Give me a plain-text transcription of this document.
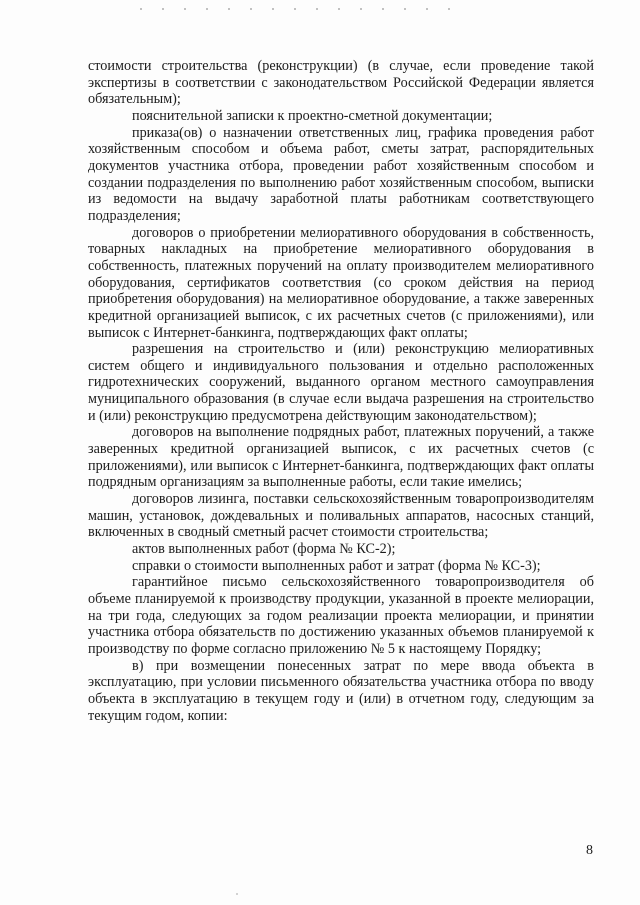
стоимости строительства (реконструкции) (в случае, если проведение такой экспертизы в соответствии с законодательством Российской Федерации является обязательным);

пояснительной записки к проектно-сметной документации;

приказа(ов) о назначении ответственных лиц, графика проведения работ хозяйственным способом и объема работ, сметы затрат, распорядительных документов участника отбора, проведении работ хозяйственным способом и создании подразделения по выполнению работ хозяйственным способом, выписки из ведомости на выдачу заработной платы работникам соответствующего подразделения;

договоров о приобретении мелиоративного оборудования в собственность, товарных накладных на приобретение мелиоративного оборудования в собственность, платежных поручений на оплату производителем мелиоративного оборудования, сертификатов соответствия (со сроком действия на период приобретения оборудования) на мелиоративное оборудование, а также заверенных кредитной организацией выписок, с их расчетных счетов (с приложениями), или выписок с Интернет-банкинга, подтверждающих факт оплаты;

разрешения на строительство и (или) реконструкцию мелиоративных систем общего и индивидуального пользования и отдельно расположенных гидротехнических сооружений, выданного органом местного самоуправления муниципального образования (в случае если выдача разрешения на строительство и (или) реконструкцию предусмотрена действующим законодательством);

договоров на выполнение подрядных работ, платежных поручений, а также заверенных кредитной организацией выписок, с их расчетных счетов (с приложениями), или выписок с Интернет-банкинга, подтверждающих факт оплаты подрядным организациям за выполненные работы, если такие имелись;

договоров лизинга, поставки сельскохозяйственным товаропроизводителям машин, установок, дождевальных и поливальных аппаратов, насосных станций, включенных в сводный сметный расчет стоимости строительства;

актов выполненных работ (форма № КС-2);

справки о стоимости выполненных работ и затрат (форма № КС-3);

гарантийное письмо сельскохозяйственного товаропроизводителя об объеме планируемой к производству продукции, указанной в проекте мелиорации, на три года, следующих за годом реализации проекта мелиорации, и принятии участника отбора обязательств по достижению указанных объемов планируемой к производству по форме согласно приложению № 5 к настоящему Порядку;

в) при возмещении понесенных затрат по мере ввода объекта в эксплуатацию, при условии письменного обязательства участника отбора по вводу объекта в эксплуатацию в текущем году и (или) в отчетном году, следующим за текущим годом, копии:

8
